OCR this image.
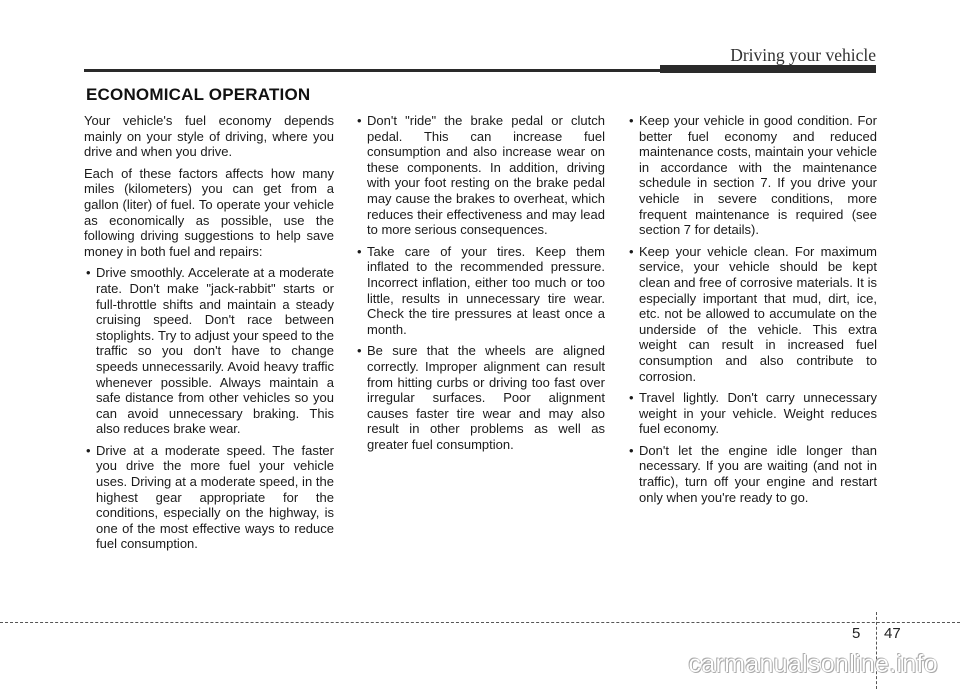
Driving your vehicle
ECONOMICAL OPERATION

Your vehicle's fuel economy depends mainly on your style of driving, where you drive and when you drive.

Each of these factors affects how many miles (kilometers) you can get from a gallon (liter) of fuel. To operate your vehicle as economically as possible, use the following driving suggestions to help save money in both fuel and repairs:

• Drive smoothly. Accelerate at a moderate rate. Don't make "jack-rabbit" starts or full-throttle shifts and maintain a steady cruising speed. Don't race between stoplights. Try to adjust your speed to the traffic so you don't have to change speeds unnecessarily. Avoid heavy traffic whenever possible. Always maintain a safe distance from other vehicles so you can avoid unnecessary braking. This also reduces brake wear.
• Drive at a moderate speed. The faster you drive the more fuel your vehicle uses. Driving at a moderate speed, in the highest gear appropriate for the conditions, especially on the highway, is one of the most effective ways to reduce fuel consumption.
• Don't "ride" the brake pedal or clutch pedal. This can increase fuel consumption and also increase wear on these components. In addition, driving with your foot resting on the brake pedal may cause the brakes to overheat, which reduces their effectiveness and may lead to more serious consequences.
• Take care of your tires. Keep them inflated to the recommended pressure. Incorrect inflation, either too much or too little, results in unnecessary tire wear. Check the tire pressures at least once a month.
• Be sure that the wheels are aligned correctly. Improper alignment can result from hitting curbs or driving too fast over irregular surfaces. Poor alignment causes faster tire wear and may also result in other problems as well as greater fuel consumption.
• Keep your vehicle in good condition. For better fuel economy and reduced maintenance costs, maintain your vehicle in accordance with the maintenance schedule in section 7. If you drive your vehicle in severe conditions, more frequent maintenance is required (see section 7 for details).
• Keep your vehicle clean. For maximum service, your vehicle should be kept clean and free of corrosive materials. It is especially important that mud, dirt, ice, etc. not be allowed to accumulate on the underside of the vehicle. This extra weight can result in increased fuel consumption and also contribute to corrosion.
• Travel lightly. Don't carry unnecessary weight in your vehicle. Weight reduces fuel economy.
• Don't let the engine idle longer than necessary. If you are waiting (and not in traffic), turn off your engine and restart only when you're ready to go.
5 47
carmanualsonline.info
